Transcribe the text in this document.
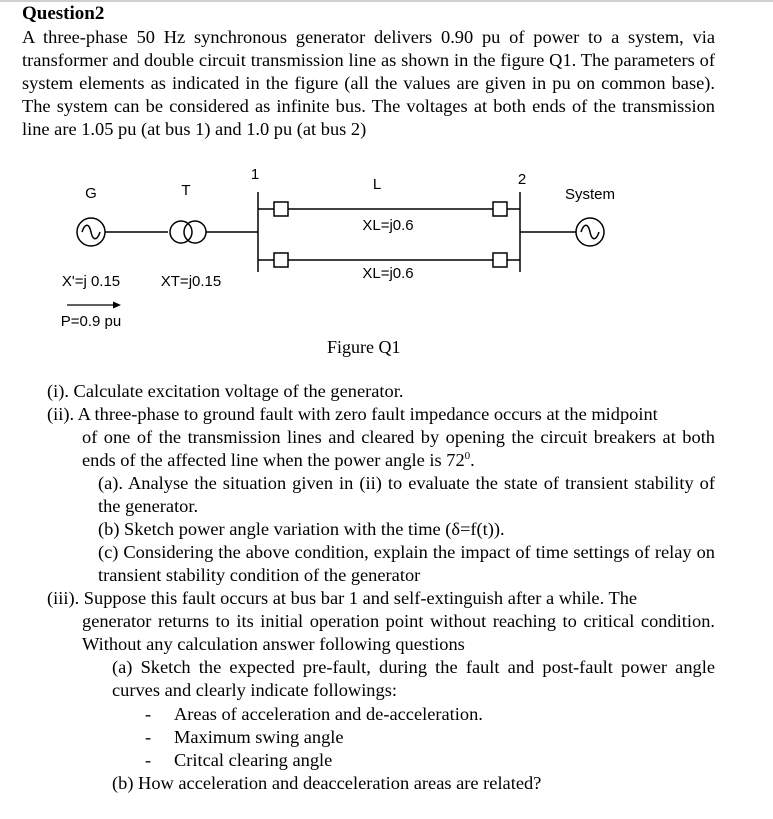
Question2
A three-phase 50 Hz synchronous generator delivers 0.90 pu of power to a system, via transformer and double circuit transmission line as shown in the figure Q1. The parameters of system elements as indicated in the figure (all the values are given in pu on common base). The system can be considered as infinite bus. The voltages at both ends of the transmission line are 1.05 pu (at bus 1) and 1.0 pu (at bus 2)
G	T
1	2
L
System
XL=j0.6
XL=j0.6
X'=j 0.15	XT=j0.15
P=0.9 pu
Figure Q1
(i). Calculate excitation voltage of the generator.
(ii). A three-phase to ground fault with zero fault impedance occurs at the midpoint
of one of the transmission lines and cleared by opening the circuit breakers at both ends of the affected line when the power angle is $72^0$.
(a). Analyse the situation given in (ii) to evaluate the state of transient stability of the generator.
(b) Sketch power angle variation with the time (δ=f(t)).
(c) Considering the above condition, explain the impact of time settings of relay on transient stability condition of the generator
(iii). Suppose this fault occurs at bus bar 1 and self-extinguish after a while. The
generator returns to its initial operation point without reaching to critical condition. Without any calculation answer following questions
(a) Sketch the expected pre-fault, during the fault and post-fault power angle curves and clearly indicate followings:
- Areas of acceleration and de-acceleration.
- Maximum swing angle
- Critcal clearing angle
(b) How acceleration and deacceleration areas are related?
